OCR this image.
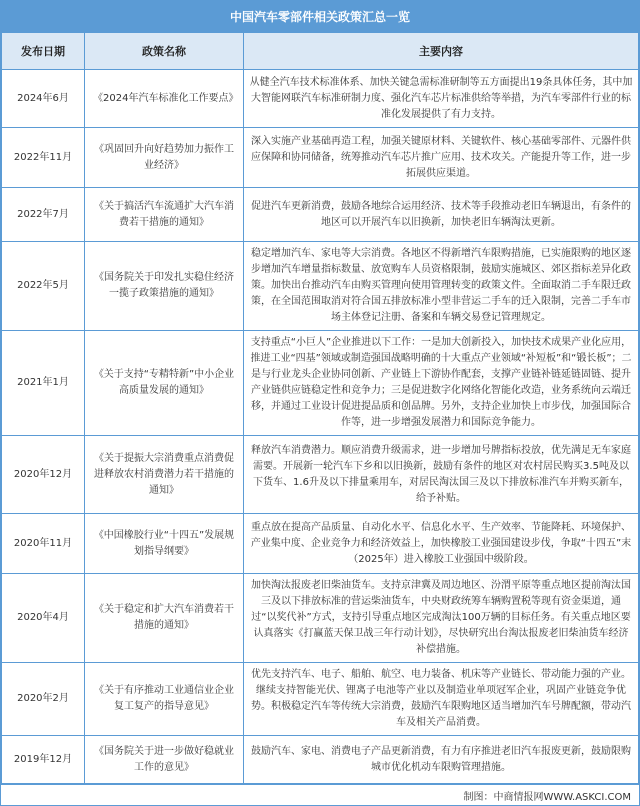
中国汽车零部件相关政策汇总一览
发布日期	政策名称	主要内容
2024年6月	《2024年汽车标准化工作要点》	从健全汽车技术标准体系、加快关键急需标准研制等五方面提出19条具体任务，其中加大智能网联汽车标准研制力度、强化汽车芯片标准供给等举措，为汽车零部件行业的标准化发展提供了有力支持。
2022年11月	《巩固回升向好趋势加力振作工业经济》	深入实施产业基础再造工程，加强关键原材料、关键软件、核心基础零部件、元器件供应保障和协同储备，统筹推动汽车芯片推广应用、技术攻关。产能提升等工作，进一步拓展供应渠道。
2022年7月	《关于搞活汽车流通扩大汽车消费若干措施的通知》	促进汽车更新消费，鼓励各地综合运用经济、技术等手段推动老旧车辆退出，有条件的地区可以开展汽车以旧换新，加快老旧车辆淘汰更新。
2022年5月	《国务院关于印发扎实稳住经济一揽子政策措施的通知》	稳定增加汽车、家电等大宗消费。各地区不得新增汽车限购措施，已实施限购的地区逐步增加汽车增量指标数量、放宽购车人员资格限制，鼓励实施城区、郊区指标差异化政策。加快出台推动汽车由购买管理向使用管理转变的政策文件。全面取消二手车限迁政策，在全国范围取消对符合国五排放标准小型非营运二手车的迁入限制，完善二手车市场主体登记注册、备案和车辆交易登记管理规定。
2021年1月	《关于支持“专精特新”中小企业高质量发展的通知》	支持重点“小巨人”企业推进以下工作：一是加大创新投入，加快技术成果产业化应用，推进工业“四基”领域或制造强国战略明确的十大重点产业领域“补短板”和“锻长板”；二是与行业龙头企业协同创新、产业链上下游协作配套，支撑产业链补链延链固链、提升产业链供应链稳定性和竞争力；三是促进数字化网络化智能化改造，业务系统向云端迁移，并通过工业设计促进提品质和创品牌。另外，支持企业加快上市步伐，加强国际合作等，进一步增强发展潜力和国际竞争能力。
2020年12月	《关于提振大宗消费重点消费促进释放农村消费潜力若干措施的通知》	释放汽车消费潜力。顺应消费升级需求，进一步增加号牌指标投放，优先满足无车家庭需要。开展新一轮汽车下乡和以旧换新，鼓励有条件的地区对农村居民购买3.5吨及以下货车、1.6升及以下排量乘用车，对居民淘汰国三及以下排放标准汽车并购买新车，给予补贴。
2020年11月	《中国橡胶行业“十四五”发展规划指导纲要》	重点放在提高产品质量、自动化水平、信息化水平、生产效率、节能降耗、环境保护、产业集中度、企业竞争力和经济效益上，加快橡胶工业强国建设步伐，争取“十四五”末（2025年）进入橡胶工业强国中级阶段。
2020年4月	《关于稳定和扩大汽车消费若干措施的通知》	加快淘汰报废老旧柴油货车。支持京津冀及周边地区、汾渭平原等重点地区提前淘汰国三及以下排放标准的营运柴油货车，中央财政统筹车辆购置税等现有资金渠道，通过“以奖代补”方式，支持引导重点地区完成淘汰100万辆的目标任务。有关重点地区要认真落实《打赢蓝天保卫战三年行动计划》，尽快研究出台淘汰报废老旧柴油货车经济补偿措施。
2020年2月	《关于有序推动工业通信业企业复工复产的指导意见》	优先支持汽车、电子、船舶、航空、电力装备、机床等产业链长、带动能力强的产业。继续支持智能光伏、锂离子电池等产业以及制造业单项冠军企业，巩固产业链竞争优势。积极稳定汽车等传统大宗消费，鼓励汽车限购地区适当增加汽车号牌配额，带动汽车及相关产品消费。
2019年12月	《国务院关于进一步做好稳就业工作的意见》	鼓励汽车、家电、消费电子产品更新消费，有力有序推进老旧汽车报废更新，鼓励限购城市优化机动车限购管理措施。
制图：中商情报网WWW.ASKCI.COM
